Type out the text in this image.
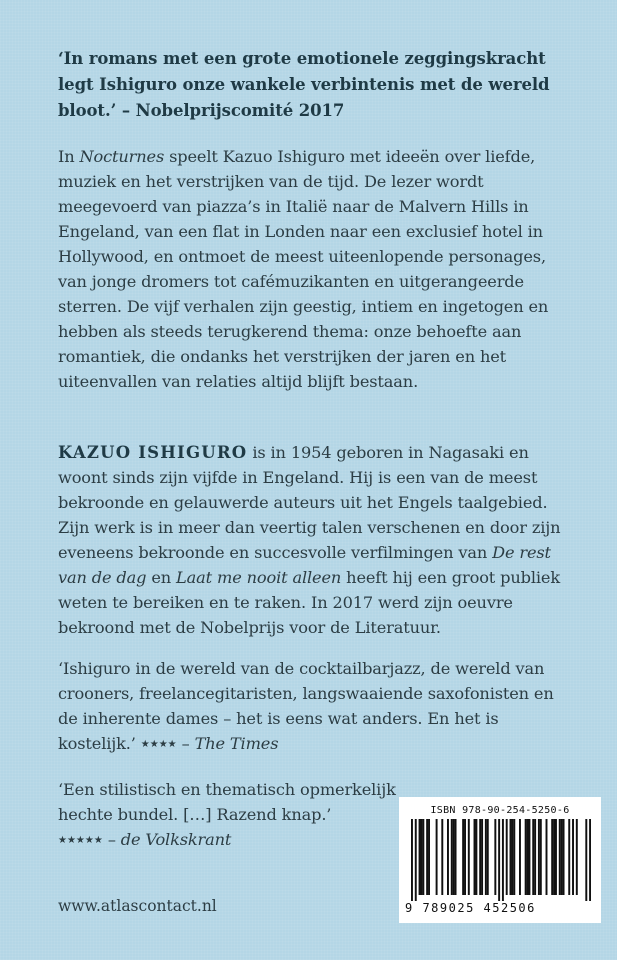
‘In romans met een grote emotionele zeggingskracht legt Ishiguro onze wankele verbintenis met de wereld bloot.’ – Nobelprijscomité 2017
In Nocturnes speelt Kazuo Ishiguro met ideeën over liefde, muziek en het verstrijken van de tijd. De lezer wordt meegevoerd van piazza’s in Italië naar de Malvern Hills in Engeland, van een flat in Londen naar een exclusief hotel in Hollywood, en ontmoet de meest uiteenlopende personages, van jonge dromers tot cafémuzikanten en uitgerangeerde sterren. De vijf verhalen zijn geestig, intiem en ingetogen en hebben als steeds terugkerend thema: onze behoefte aan romantiek, die ondanks het verstrijken der jaren en het uiteenvallen van relaties altijd blijft bestaan.
KAZUO ISHIGURO is in 1954 geboren in Nagasaki en woont sinds zijn vijfde in Engeland. Hij is een van de meest bekroonde en gelauwerde auteurs uit het Engels taalgebied. Zijn werk is in meer dan veertig talen verschenen en door zijn eveneens bekroonde en succesvolle verfilmingen van De rest van de dag en Laat me nooit alleen heeft hij een groot publiek weten te bereiken en te raken. In 2017 werd zijn oeuvre bekroond met de Nobelprijs voor de Literatuur.
‘Ishiguro in de wereld van de cocktailbarjazz, de wereld van crooners, freelancegitaristen, langswaaiende saxofonisten en de inherente dames – het is eens wat anders. En het is kostelijk.’ ★★★★ – The Times
‘Een stilistisch en thematisch opmerkelijk
hechte bundel. […] Razend knap.’
★★★★★ – de Volkskrant
www.atlascontact.nl
ISBN 978-90-254-5250-6
9 789025 452506
